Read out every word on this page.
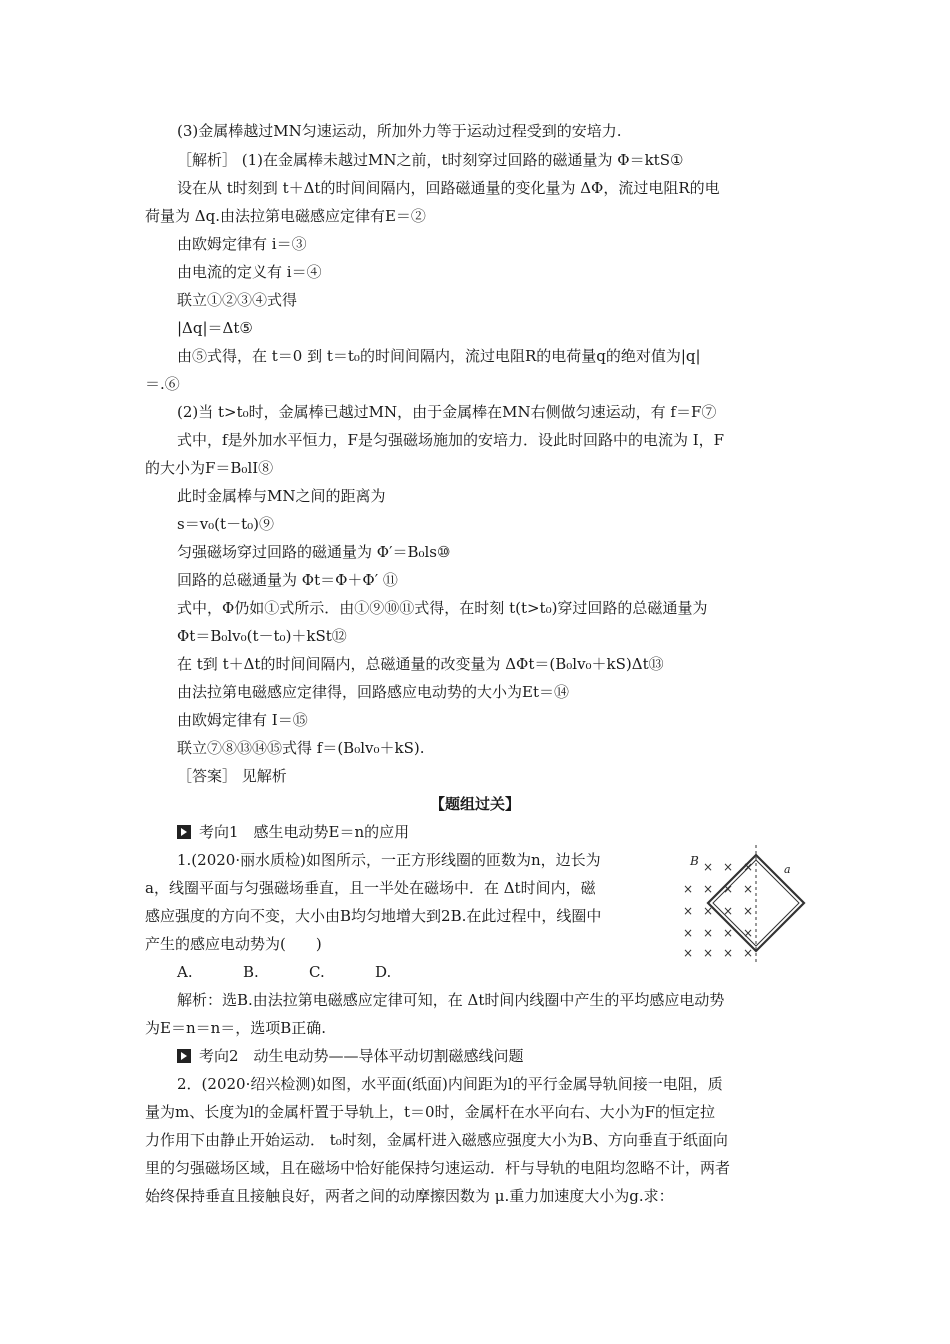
(3)金属棒越过MN匀速运动，所加外力等于运动过程受到的安培力.
［解析］ (1)在金属棒未越过MN之前，t时刻穿过回路的磁通量为 Φ＝ktS①
设在从 t时刻到 t＋Δt的时间间隔内，回路磁通量的变化量为 ΔΦ，流过电阻R的电
荷量为 Δq.由法拉第电磁感应定律有E＝②
由欧姆定律有 i＝③
由电流的定义有 i＝④
联立①②③④式得
|Δq|＝Δt⑤
由⑤式得，在 t＝0 到 t＝t₀的时间间隔内，流过电阻R的电荷量q的绝对值为|q|
＝.⑥
(2)当 t>t₀时，金属棒已越过MN，由于金属棒在MN右侧做匀速运动，有 f＝F⑦
式中，f是外加水平恒力，F是匀强磁场施加的安培力．设此时回路中的电流为 I，F
的大小为F＝B₀lI⑧
此时金属棒与MN之间的距离为
s＝v₀(t－t₀)⑨
匀强磁场穿过回路的磁通量为 Φ′＝B₀ls⑩
回路的总磁通量为 Φt＝Φ＋Φ′ ⑪
式中，Φ仍如①式所示．由①⑨⑩⑪式得，在时刻 t(t>t₀)穿过回路的总磁通量为
Φt＝B₀lv₀(t－t₀)＋kSt⑫
在 t到 t＋Δt的时间间隔内，总磁通量的改变量为 ΔΦt＝(B₀lv₀＋kS)Δt⑬
由法拉第电磁感应定律得，回路感应电动势的大小为Et＝⑭
由欧姆定律有 I＝⑮
联立⑦⑧⑬⑭⑮式得 f＝(B₀lv₀＋kS).
［答案］ 见解析
【题组过关】
考向1　感生电动势E＝n的应用
1.(2020·丽水质检)如图所示，一正方形线圈的匝数为n，边长为
a，线圈平面与匀强磁场垂直，且一半处在磁场中．在 Δt时间内，磁
感应强度的方向不变，大小由B均匀地增大到2B.在此过程中，线圈中
产生的感应电动势为(　　)
解析：选B.由法拉第电磁感应定律可知，在 Δt时间内线圈中产生的平均感应电动势
为E＝n＝n＝，选项B正确.
考向2　动生电动势——导体平动切割磁感线问题
2．(2020·绍兴检测)如图，水平面(纸面)内间距为l的平行金属导轨间接一电阻，质
量为m、长度为l的金属杆置于导轨上，t＝0时，金属杆在水平向右、大小为F的恒定拉
力作用下由静止开始运动． t₀时刻，金属杆进入磁感应强度大小为B、方向垂直于纸面向
里的匀强磁场区域，且在磁场中恰好能保持匀速运动．杆与导轨的电阻均忽略不计，两者
始终保持垂直且接触良好，两者之间的动摩擦因数为 μ.重力加速度大小为g.求：
A.	B.	C.	D.
×
×
×
×
×
×
×
×
×
×
×
×
×
×
×
×
×
×
×
B
a
